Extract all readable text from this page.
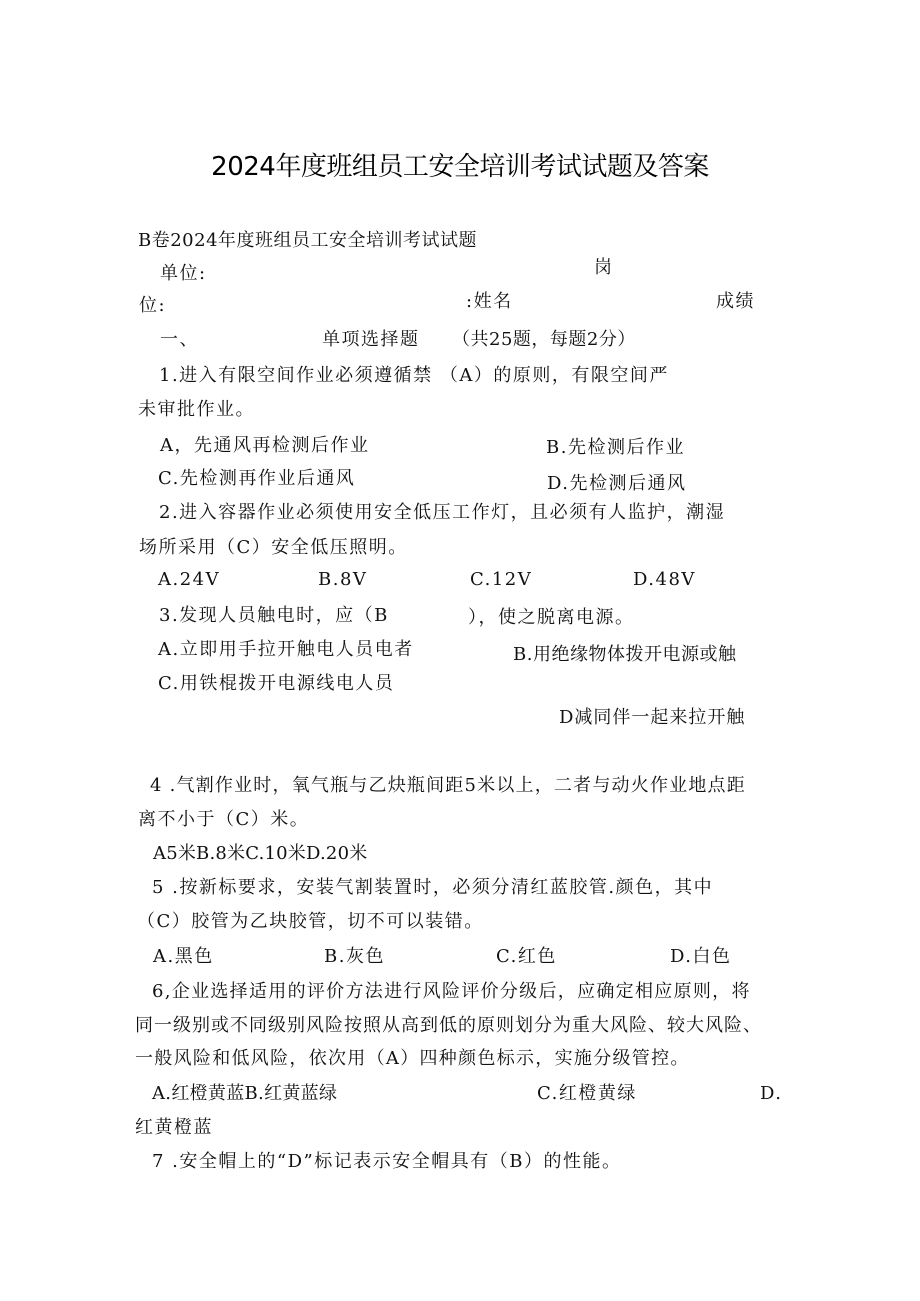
2024年度班组员工安全培训考试试题及答案
B卷2024年度班组员工安全培训考试试题
单位:	岗
位:	:姓名	成绩
一、	单项选择题 （共25题，每题2分）
1.进入有限空间作业必须遵循禁 （A）的原则，有限空间严
未审批作业。
A，先通风再检测后作业	B.先检测后作业
C.先检测再作业后通风	D.先检测后通风
2.进入容器作业必须使用安全低压工作灯，且必须有人监护，潮湿
场所采用（C）安全低压照明。
A.24V	B.8V	C.12V	D.48V
3.发现人员触电时，应（B	），使之脱离电源。
A.立即用手拉开触电人员电者	B.用绝缘物体拨开电源或触
C.用铁棍拨开电源线电人员
D减同伴一起来拉开触
4 .气割作业时，氧气瓶与乙炔瓶间距5米以上，二者与动火作业地点距
离不小于（C）米。
A5米B.8米C.10米D.20米
5 .按新标要求，安装气割装置时，必须分清红蓝胶管.颜色，其中
（C）胶管为乙块胶管，切不可以装错。
A.黑色	B.灰色	C.红色	D.白色
6,企业选择适用的评价方法进行风险评价分级后，应确定相应原则，将
同一级别或不同级别风险按照从高到低的原则划分为重大风险、较大风险、
一般风险和低风险，依次用（A）四种颜色标示，实施分级管控。
A.红橙黄蓝B.红黄蓝绿	C.红橙黄绿	D.
红黄橙蓝
7 .安全帽上的“D”标记表示安全帽具有（B）的性能。
